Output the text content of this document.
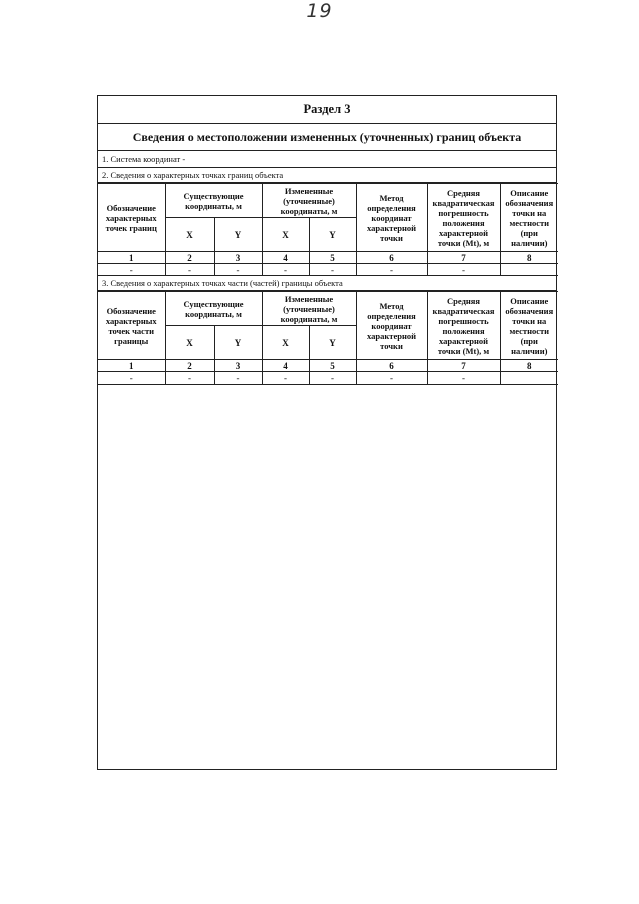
19
Раздел 3
Сведения о местоположении измененных (уточненных) границ объекта
1. Система координат -
2. Сведения о характерных точках границ объекта
Обозначение характерных точек границ	Существующие координаты, м		Измененные (уточненные) координаты, м		Метод определения координат характерной точки	Средняя квадратическая погрешность положения характерной точки (Mt), м	Описание обозначения точки на местности (при наличии)
	X	Y	X	Y			
1	2	3	4	5	6	7	8
-	-	-	-	-	-	-	
3. Сведения о характерных точках части (частей) границы объекта
Обозначение характерных точек части границы	Существующие координаты, м		Измененные (уточненные) координаты, м		Метод определения координат характерной точки	Средняя квадратическая погрешность положения характерной точки (Mt), м	Описание обозначения точки на местности (при наличии)
	X	Y	X	Y			
1	2	3	4	5	6	7	8
-	-	-	-	-	-	-	
